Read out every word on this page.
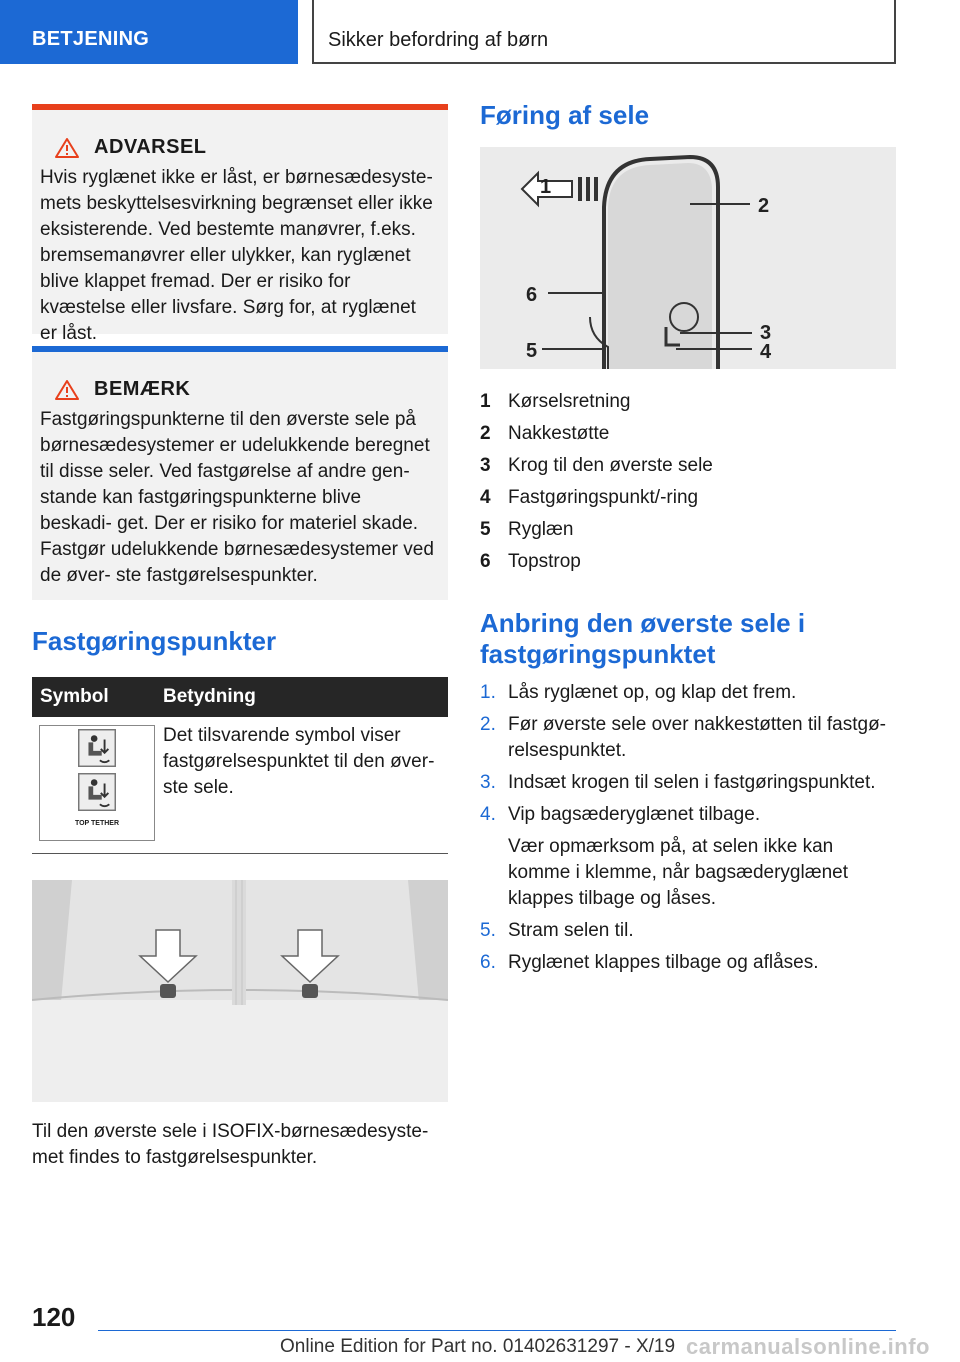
BETJENING	Sikker befordring af børn
ADVARSEL

Hvis ryglænet ikke er låst, er børnesædesyste- mets beskyttelsesvirkning begrænset eller ikke eksisterende. Ved bestemte manøvrer, f.eks. bremsemanøvrer eller ulykker, kan ryglænet blive klappet fremad. Der er risiko for kvæstelse eller livsfare. Sørg for, at ryglænet er låst.

BEMÆRK

Fastgøringspunkterne til den øverste sele på børnesædesystemer er udelukkende beregnet til disse seler. Ved fastgørelse af andre gen- stande kan fastgøringspunkterne blive beskadi- get. Der er risiko for materiel skade. Fastgør udelukkende børnesædesystemer ved de øver- ste fastgørelsespunkter.

Fastgøringspunkter
Symbol	Betydning

TOP TETHER	Det tilsvarende symbol viser fastgørelsespunktet til den øver- ste sele.

Til den øverste sele i ISOFIX-børnesædesyste- met findes to fastgørelsespunkter.

Føring af sele
1
2
6
3
5	4
1 Kørselsretning
2 Nakkestøtte
3 Krog til den øverste sele
4 Fastgøringspunkt/-ring
5 Ryglæn
6 Topstrop
Anbring den øverste sele i fastgøringspunktet
1. Lås ryglænet op, og klap det frem.
2. Før øverste sele over nakkestøtten til fastgø- relsespunktet.
3. Indsæt krogen til selen i fastgøringspunktet.
4. Vip bagsæderyglænet tilbage.
Vær opmærksom på, at selen ikke kan komme i klemme, når bagsæderyglænet klappes tilbage og låses.
5. Stram selen til.
6. Ryglænet klappes tilbage og aflåses.
120
Online Edition for Part no. 01402631297 - X/19 carmanualsonline.info
